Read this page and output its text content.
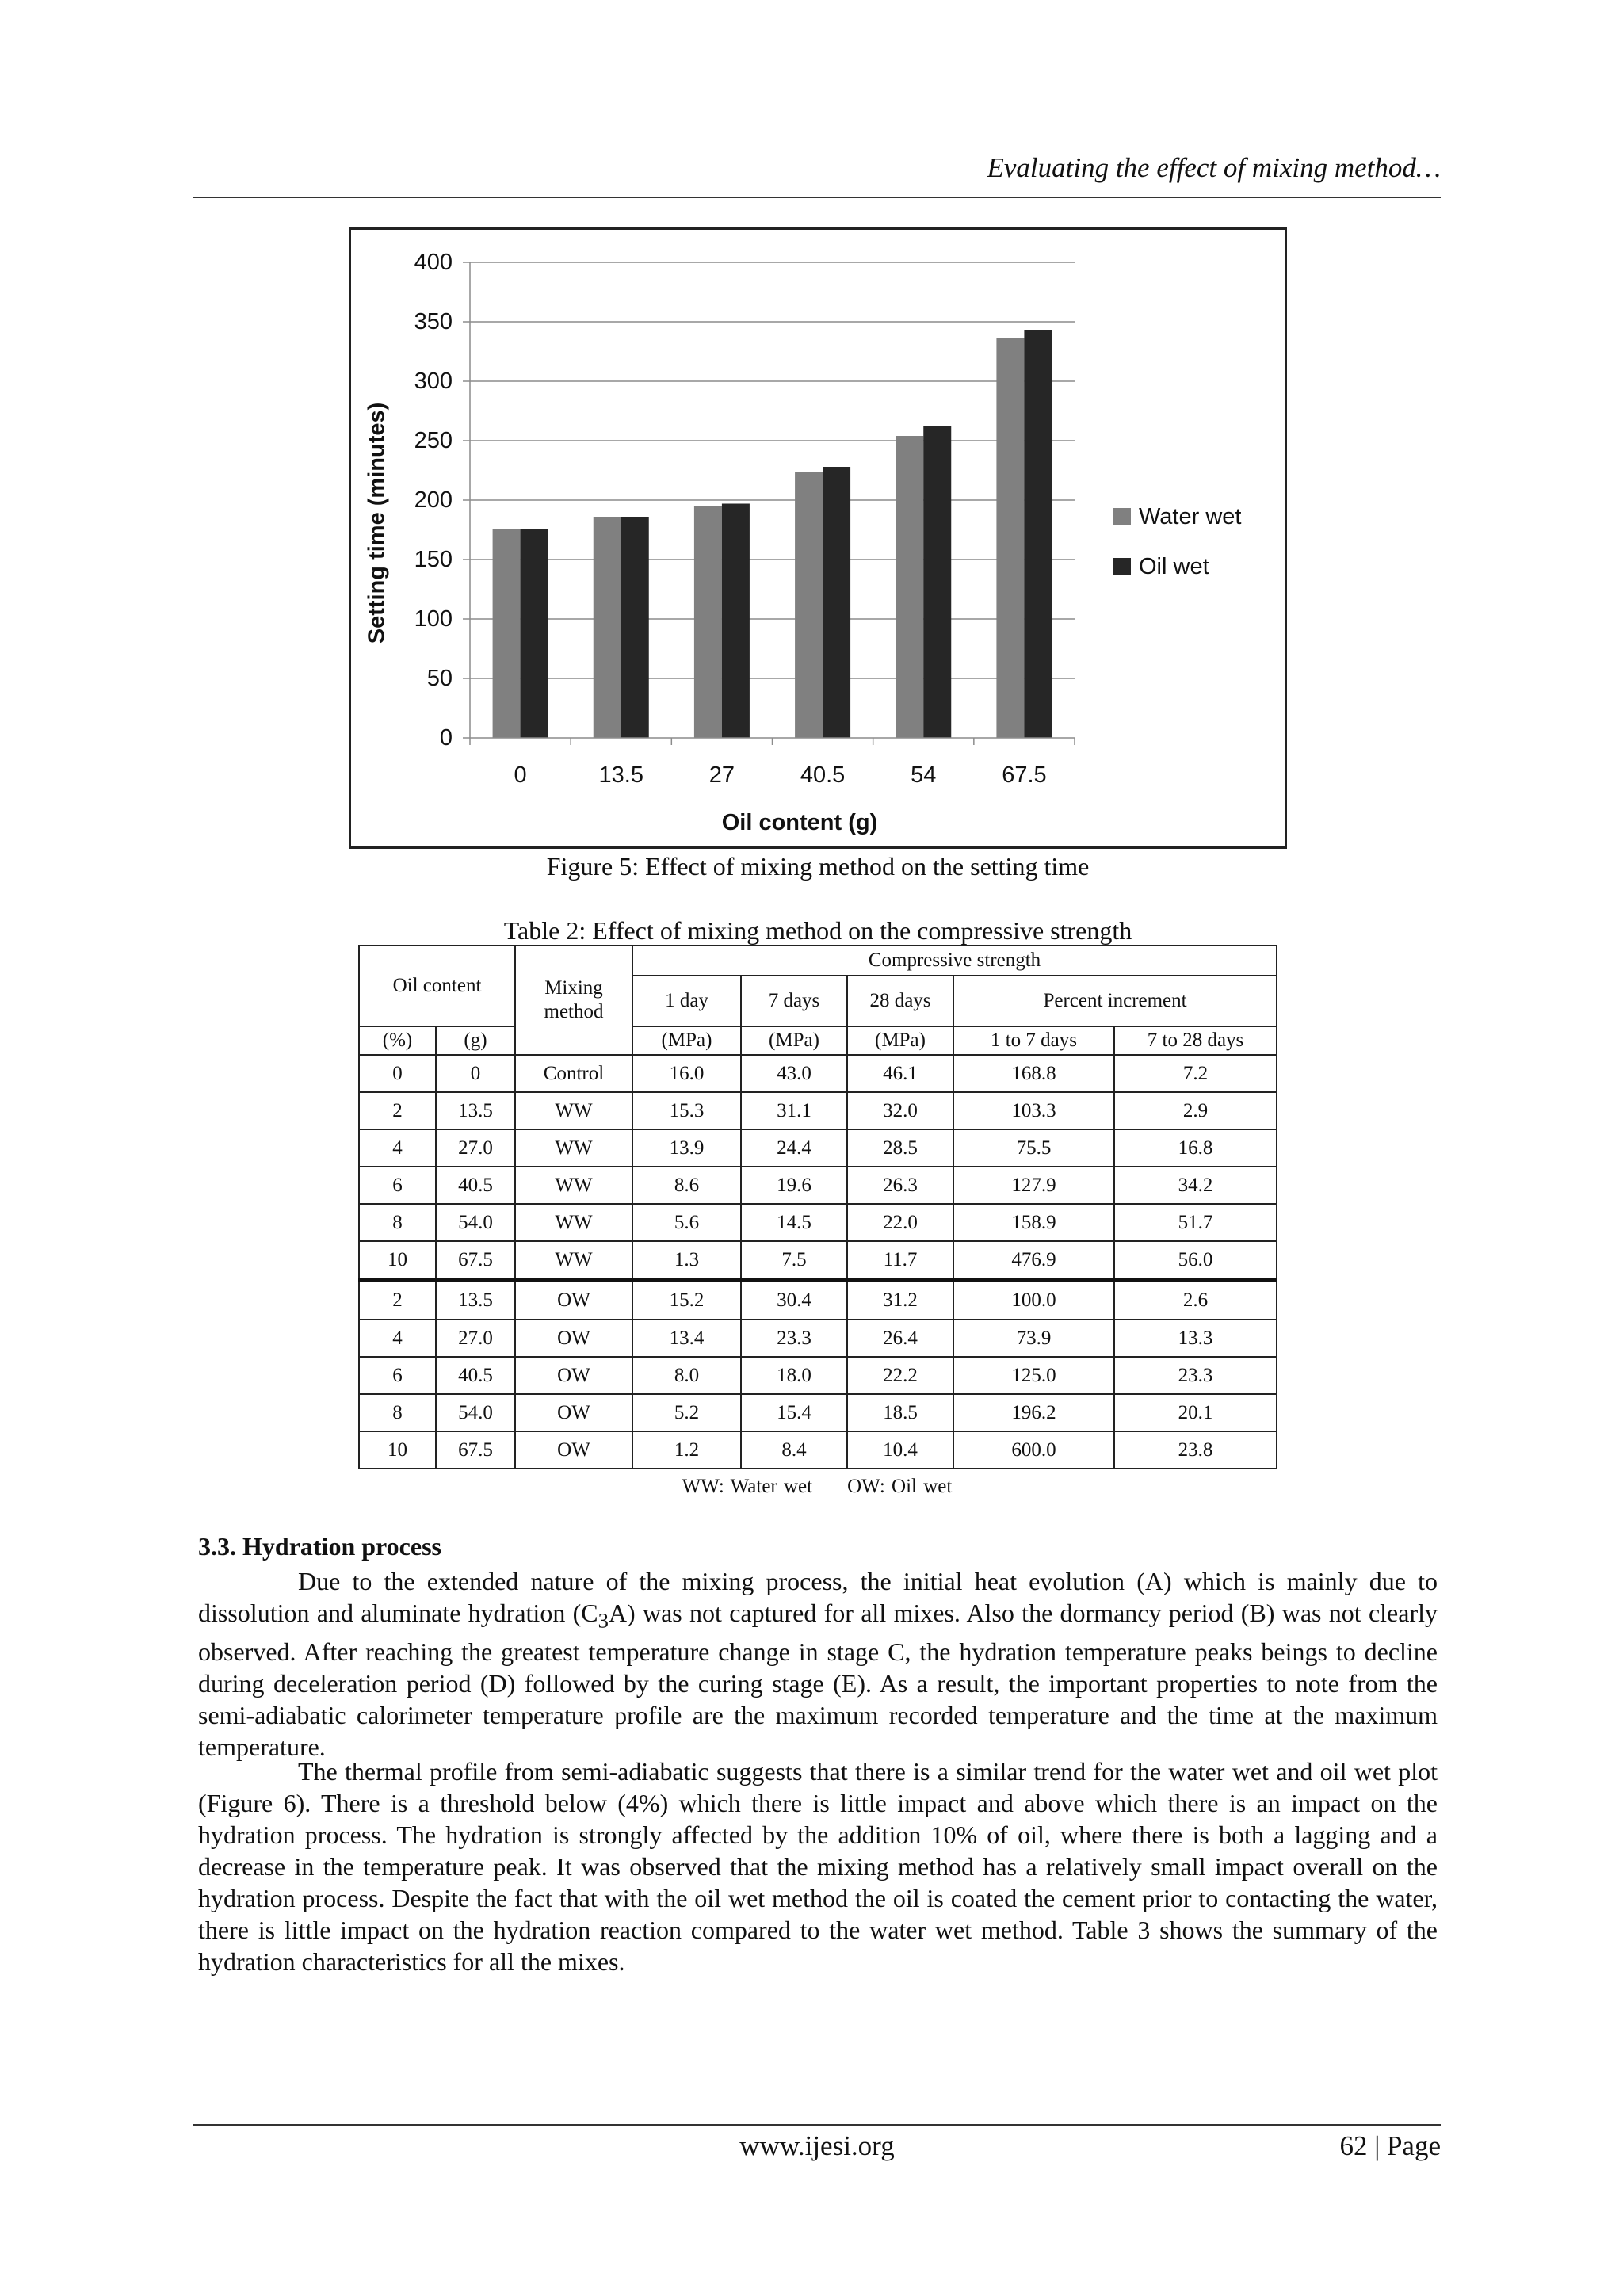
Evaluating the effect of mixing method…
0
50
100
150
200
250
300
350
400
0	13.5	27	40.5	54	67.5
Setting time (minutes)
Oil content (g)
Water wet
Oil wet
Figure 5: Effect of mixing method on the setting time
Table 2: Effect of mixing method on the compressive strength
Oil content		Mixing method	Compressive strength				
			1 day	7 days	28 days	Percent increment	
(%)	(g)		(MPa)	(MPa)	(MPa)	1 to 7 days	7 to 28 days
0	0	Control	16.0	43.0	46.1	168.8	7.2
2	13.5	WW	15.3	31.1	32.0	103.3	2.9
4	27.0	WW	13.9	24.4	28.5	75.5	16.8
6	40.5	WW	8.6	19.6	26.3	127.9	34.2
8	54.0	WW	5.6	14.5	22.0	158.9	51.7
10	67.5	WW	1.3	7.5	11.7	476.9	56.0
2	13.5	OW	15.2	30.4	31.2	100.0	2.6
4	27.0	OW	13.4	23.3	26.4	73.9	13.3
6	40.5	OW	8.0	18.0	22.2	125.0	23.3
8	54.0	OW	5.2	15.4	18.5	196.2	20.1
10	67.5	OW	1.2	8.4	10.4	600.0	23.8
WW: Water wet OW: Oil wet
3.3. Hydration process

Due to the extended nature of the mixing process, the initial heat evolution (A) which is mainly due to dissolution and aluminate hydration $(C_3A)$ was not captured for all mixes. Also the dormancy period (B) was not clearly observed. After reaching the greatest temperature change in stage C, the hydration temperature peaks beings to decline during deceleration period (D) followed by the curing stage (E). As a result, the important properties to note from the semi-adiabatic calorimeter temperature profile are the maximum recorded temperature and the time at the maximum temperature.

The thermal profile from semi-adiabatic suggests that there is a similar trend for the water wet and oil wet plot (Figure 6). There is a threshold below (4%) which there is little impact and above which there is an impact on the hydration process. The hydration is strongly affected by the addition 10% of oil, where there is both a lagging and a decrease in the temperature peak. It was observed that the mixing method has a relatively small impact overall on the hydration process. Despite the fact that with the oil wet method the oil is coated the cement prior to contacting the water, there is little impact on the hydration reaction compared to the water wet method. Table 3 shows the summary of the hydration characteristics for all the mixes.

www.ijesi.org	62 | Page
